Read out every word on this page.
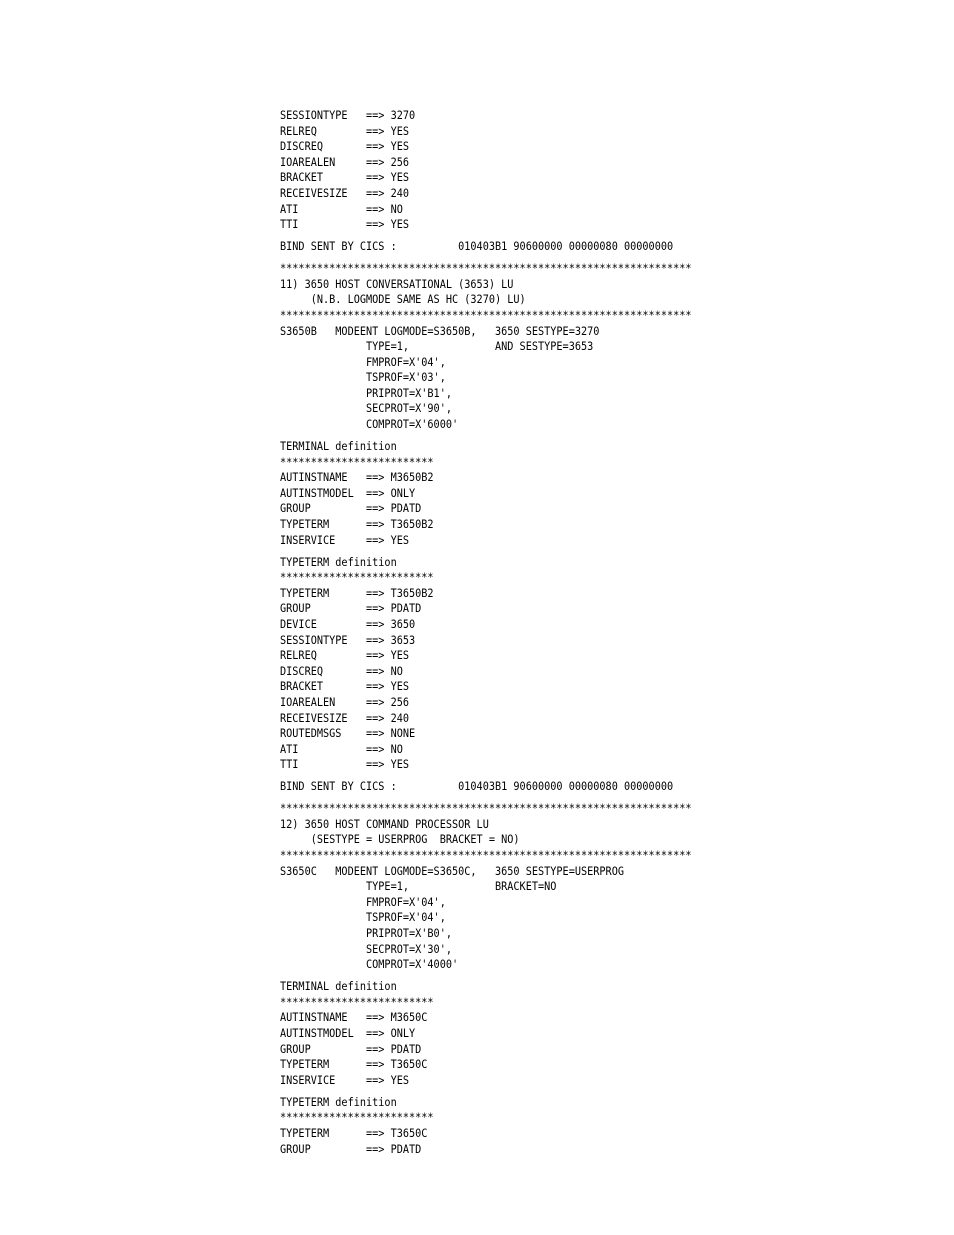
SESSIONTYPE   ==> 3270
RELREQ        ==> YES
DISCREQ       ==> YES
IOAREALEN     ==> 256
BRACKET       ==> YES
RECEIVESIZE   ==> 240
ATI           ==> NO
TTI           ==> YES
BIND SENT BY CICS :          010403B1 90600000 00000080 00000000
*******************************************************************
11) 3650 HOST CONVERSATIONAL (3653) LU
(N.B. LOGMODE SAME AS HC (3270) LU)
*******************************************************************
S3650B   MODEENT LOGMODE=S3650B,   3650 SESTYPE=3270
TYPE=1,              AND SESTYPE=3653
FMPROF=X'04',
TSPROF=X'03',
PRIPROT=X'B1',
SECPROT=X'90',
COMPROT=X'6000'
TERMINAL definition
*************************
AUTINSTNAME   ==> M3650B2
AUTINSTMODEL  ==> ONLY
GROUP         ==> PDATD
TYPETERM      ==> T3650B2
INSERVICE     ==> YES
TYPETERM definition
*************************
TYPETERM      ==> T3650B2
GROUP         ==> PDATD
DEVICE        ==> 3650
SESSIONTYPE   ==> 3653
RELREQ        ==> YES
DISCREQ       ==> NO
BRACKET       ==> YES
IOAREALEN     ==> 256
RECEIVESIZE   ==> 240
ROUTEDMSGS    ==> NONE
ATI           ==> NO
TTI           ==> YES
BIND SENT BY CICS :          010403B1 90600000 00000080 00000000
*******************************************************************
12) 3650 HOST COMMAND PROCESSOR LU
(SESTYPE = USERPROG  BRACKET = NO)
*******************************************************************
S3650C   MODEENT LOGMODE=S3650C,   3650 SESTYPE=USERPROG
TYPE=1,              BRACKET=NO
FMPROF=X'04',
TSPROF=X'04',
PRIPROT=X'B0',
SECPROT=X'30',
COMPROT=X'4000'
TERMINAL definition
*************************
AUTINSTNAME   ==> M3650C
AUTINSTMODEL  ==> ONLY
GROUP         ==> PDATD
TYPETERM      ==> T3650C
INSERVICE     ==> YES
TYPETERM definition
*************************
TYPETERM      ==> T3650C
GROUP         ==> PDATD
